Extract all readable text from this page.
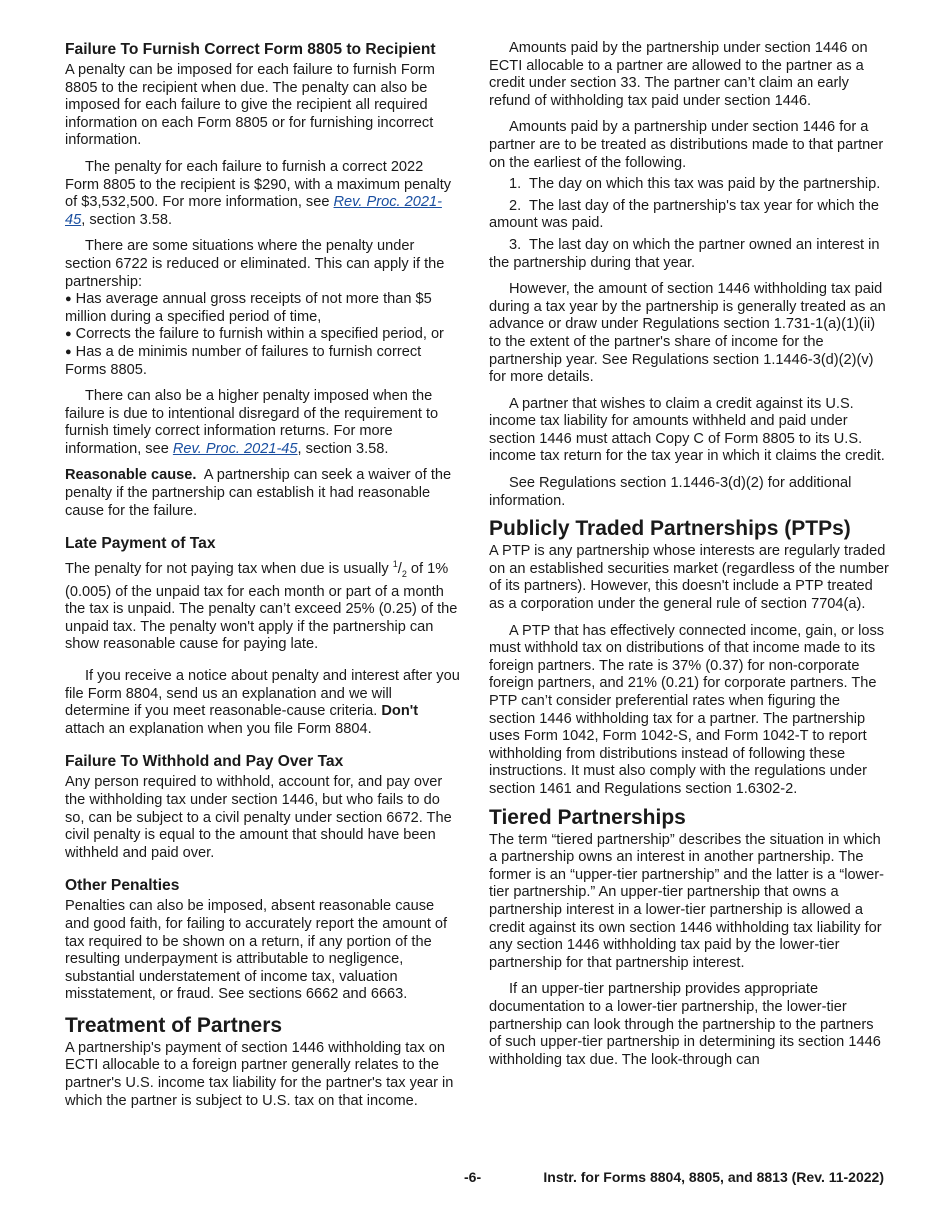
Failure To Furnish Correct Form 8805 to Recipient

A penalty can be imposed for each failure to furnish Form 8805 to the recipient when due. The penalty can also be imposed for each failure to give the recipient all required information on each Form 8805 or for furnishing incorrect information.

The penalty for each failure to furnish a correct 2022 Form 8805 to the recipient is $290, with a maximum penalty of $3,532,500. For more information, see Rev. Proc. 2021-45, section 3.58.

There are some situations where the penalty under section 6722 is reduced or eliminated. This can apply if the partnership:

● Has average annual gross receipts of not more than $5 million during a specified period of time,

● Corrects the failure to furnish within a specified period, or

● Has a de minimis number of failures to furnish correct Forms 8805.

There can also be a higher penalty imposed when the failure is due to intentional disregard of the requirement to furnish timely correct information returns. For more information, see Rev. Proc. 2021-45, section 3.58.

Reasonable cause. A partnership can seek a waiver of the penalty if the partnership can establish it had reasonable cause for the failure.

Late Payment of Tax

The penalty for not paying tax when due is usually $^1/_2$ of 1% (0.005) of the unpaid tax for each month or part of a month the tax is unpaid. The penalty can’t exceed 25% (0.25) of the unpaid tax. The penalty won't apply if the partnership can show reasonable cause for paying late.

If you receive a notice about penalty and interest after you file Form 8804, send us an explanation and we will determine if you meet reasonable-cause criteria. Don't attach an explanation when you file Form 8804.

Failure To Withhold and Pay Over Tax

Any person required to withhold, account for, and pay over the withholding tax under section 1446, but who fails to do so, can be subject to a civil penalty under section 6672. The civil penalty is equal to the amount that should have been withheld and paid over.

Other Penalties

Penalties can also be imposed, absent reasonable cause and good faith, for failing to accurately report the amount of tax required to be shown on a return, if any portion of the resulting underpayment is attributable to negligence, substantial understatement of income tax, valuation misstatement, or fraud. See sections 6662 and 6663.

Treatment of Partners

A partnership's payment of section 1446 withholding tax on ECTI allocable to a foreign partner generally relates to the partner's U.S. income tax liability for the partner's tax year in which the partner is subject to U.S. tax on that income.

Amounts paid by the partnership under section 1446 on ECTI allocable to a partner are allowed to the partner as a credit under section 33. The partner can’t claim an early refund of withholding tax paid under section 1446.

Amounts paid by a partnership under section 1446 for a partner are to be treated as distributions made to that partner on the earliest of the following.

1. The day on which this tax was paid by the partnership.

2. The last day of the partnership's tax year for which the amount was paid.

3. The last day on which the partner owned an interest in the partnership during that year.

However, the amount of section 1446 withholding tax paid during a tax year by the partnership is generally treated as an advance or draw under Regulations section 1.731-1(a)(1)(ii) to the extent of the partner's share of income for the partnership year. See Regulations section 1.1446-3(d)(2)(v) for more details.

A partner that wishes to claim a credit against its U.S. income tax liability for amounts withheld and paid under section 1446 must attach Copy C of Form 8805 to its U.S. income tax return for the tax year in which it claims the credit.

See Regulations section 1.1446-3(d)(2) for additional information.

Publicly Traded Partnerships (PTPs)

A PTP is any partnership whose interests are regularly traded on an established securities market (regardless of the number of its partners). However, this doesn't include a PTP treated as a corporation under the general rule of section 7704(a).

A PTP that has effectively connected income, gain, or loss must withhold tax on distributions of that income made to its foreign partners. The rate is 37% (0.37) for non-corporate foreign partners, and 21% (0.21) for corporate partners. The PTP can’t consider preferential rates when figuring the section 1446 withholding tax for a partner. The partnership uses Form 1042, Form 1042-S, and Form 1042-T to report withholding from distributions instead of following these instructions. It must also comply with the regulations under section 1461 and Regulations section 1.6302-2.

Tiered Partnerships

The term “tiered partnership” describes the situation in which a partnership owns an interest in another partnership. The former is an “upper-tier partnership” and the latter is a “lower-tier partnership.” An upper-tier partnership that owns a partnership interest in a lower-tier partnership is allowed a credit against its own section 1446 withholding tax liability for any section 1446 withholding tax paid by the lower-tier partnership for that partnership interest.

If an upper-tier partnership provides appropriate documentation to a lower-tier partnership, the lower-tier partnership can look through the partnership to the partners of such upper-tier partnership in determining its section 1446 withholding tax due. The look-through can

-6-	Instr. for Forms 8804, 8805, and 8813 (Rev. 11-2022)
